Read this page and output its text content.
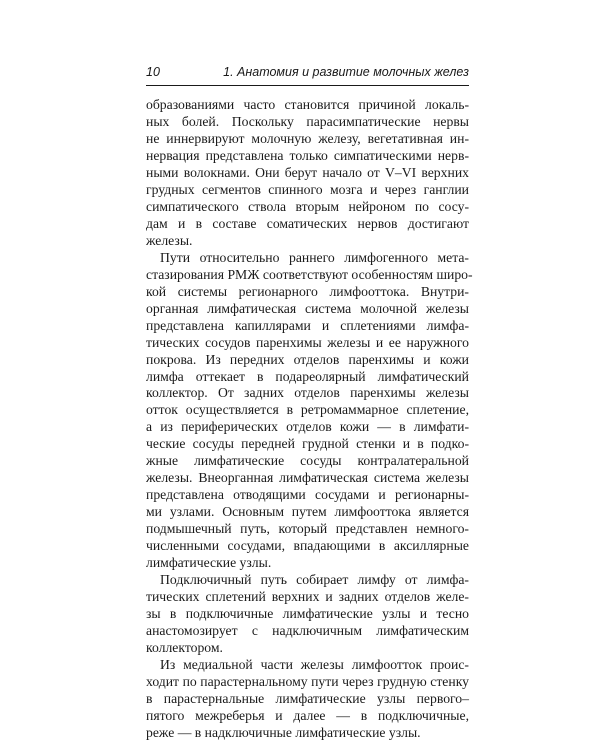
10	1. Анатомия и развитие молочных желез
образованиями часто становится причиной локаль-
ных болей. Поскольку парасимпатические нервы
не иннервируют молочную железу, вегетативная ин-
нервация представлена только симпатическими нерв-
ными волокнами. Они берут начало от V–VI верхних
грудных сегментов спинного мозга и через ганглии
симпатического ствола вторым нейроном по сосу-
дам и в составе соматических нервов достигают
железы.
Пути относительно раннего лимфогенного мета-
стазирования РМЖ соответствуют особенностям широ-
кой системы регионарного лимфооттока. Внутри-
органная лимфатическая система молочной железы
представлена капиллярами и сплетениями лимфа-
тических сосудов паренхимы железы и ее наружного
покрова. Из передних отделов паренхимы и кожи
лимфа оттекает в подареолярный лимфатический
коллектор. От задних отделов паренхимы железы
отток осуществляется в ретромаммарное сплетение,
а из периферических отделов кожи — в лимфати-
ческие сосуды передней грудной стенки и в подко-
жные лимфатические сосуды контралатеральной
железы. Внеорганная лимфатическая система железы
представлена отводящими сосудами и регионарны-
ми узлами. Основным путем лимфооттока является
подмышечный путь, который представлен немного-
численными сосудами, впадающими в аксиллярные
лимфатические узлы.
Подключичный путь собирает лимфу от лимфа-
тических сплетений верхних и задних отделов желе-
зы в подключичные лимфатические узлы и тесно
анастомозирует с надключичным лимфатическим
коллектором.
Из медиальной части железы лимфоотток проис-
ходит по парастернальному пути через грудную стенку
в парастернальные лимфатические узлы первого–
пятого межреберья и далее — в подключичные,
реже — в надключичные лимфатические узлы.
